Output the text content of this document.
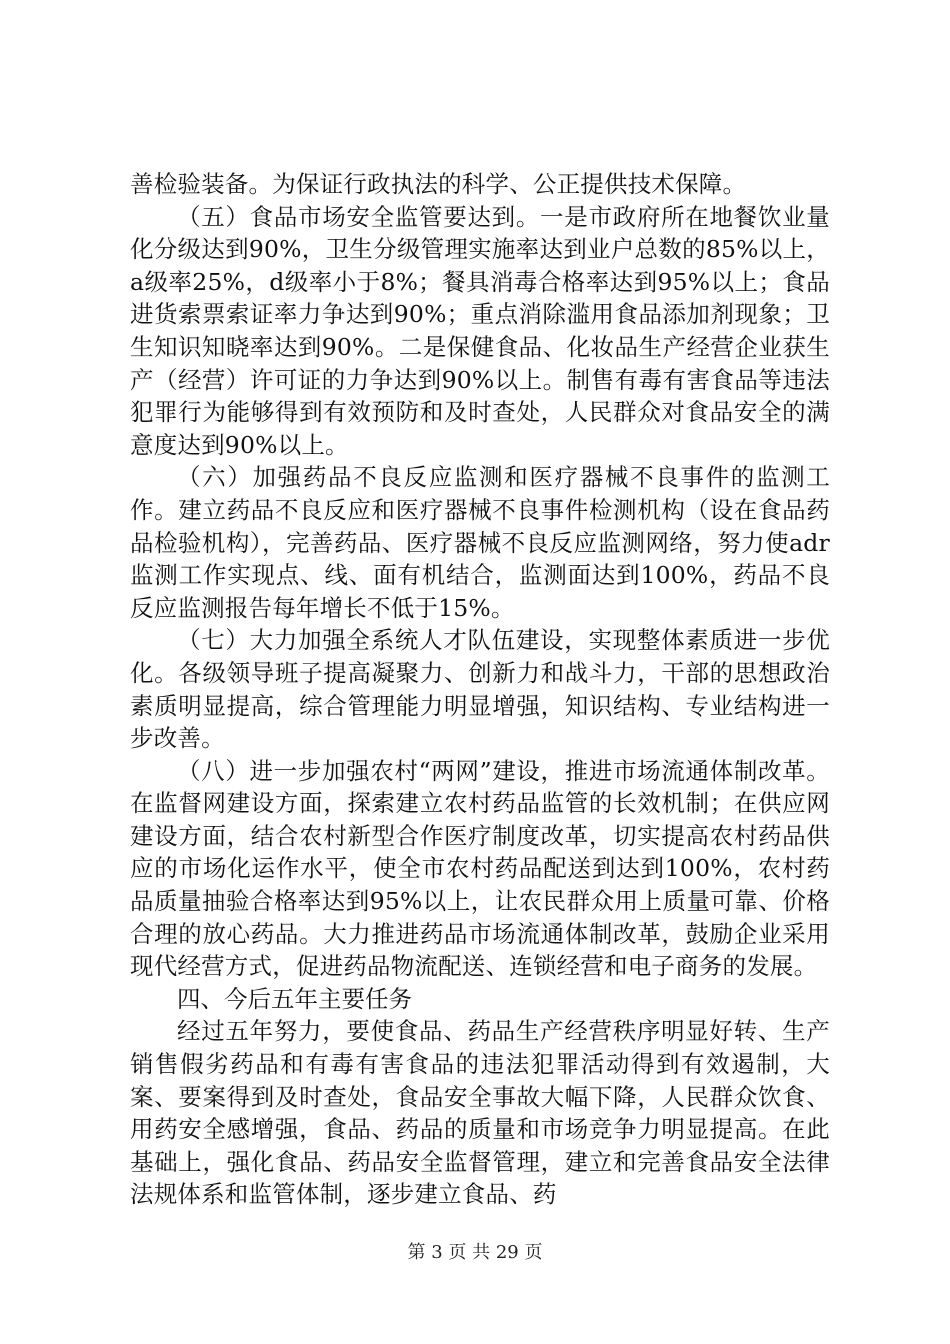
善检验装备。为保证行政执法的科学、公正提供技术保障。

（五）食品市场安全监管要达到。一是市政府所在地餐饮业量化分级达到90%，卫生分级管理实施率达到业户总数的85%以上，a级率25%，d级率小于8%；餐具消毒合格率达到95%以上；食品进货索票索证率力争达到90%；重点消除滥用食品添加剂现象；卫生知识知晓率达到90%。二是保健食品、化妆品生产经营企业获生产（经营）许可证的力争达到90%以上。制售有毒有害食品等违法犯罪行为能够得到有效预防和及时查处，人民群众对食品安全的满意度达到90%以上。

（六）加强药品不良反应监测和医疗器械不良事件的监测工作。建立药品不良反应和医疗器械不良事件检测机构（设在食品药品检验机构），完善药品、医疗器械不良反应监测网络，努力使adr监测工作实现点、线、面有机结合，监测面达到100%，药品不良反应监测报告每年增长不低于15%。

（七）大力加强全系统人才队伍建设，实现整体素质进一步优化。各级领导班子提高凝聚力、创新力和战斗力，干部的思想政治素质明显提高，综合管理能力明显增强，知识结构、专业结构进一步改善。

（八）进一步加强农村“两网”建设，推进市场流通体制改革。在监督网建设方面，探索建立农村药品监管的长效机制；在供应网建设方面，结合农村新型合作医疗制度改革，切实提高农村药品供应的市场化运作水平，使全市农村药品配送到达到100%，农村药品质量抽验合格率达到95%以上，让农民群众用上质量可靠、价格合理的放心药品。大力推进药品市场流通体制改革，鼓励企业采用现代经营方式，促进药品物流配送、连锁经营和电子商务的发展。

四、今后五年主要任务

经过五年努力，要使食品、药品生产经营秩序明显好转、生产销售假劣药品和有毒有害食品的违法犯罪活动得到有效遏制，大案、要案得到及时查处，食品安全事故大幅下降，人民群众饮食、用药安全感增强，食品、药品的质量和市场竞争力明显提高。在此基础上，强化食品、药品安全监督管理，建立和完善食品安全法律法规体系和监管体制，逐步建立食品、药

第 3 页 共 29 页
